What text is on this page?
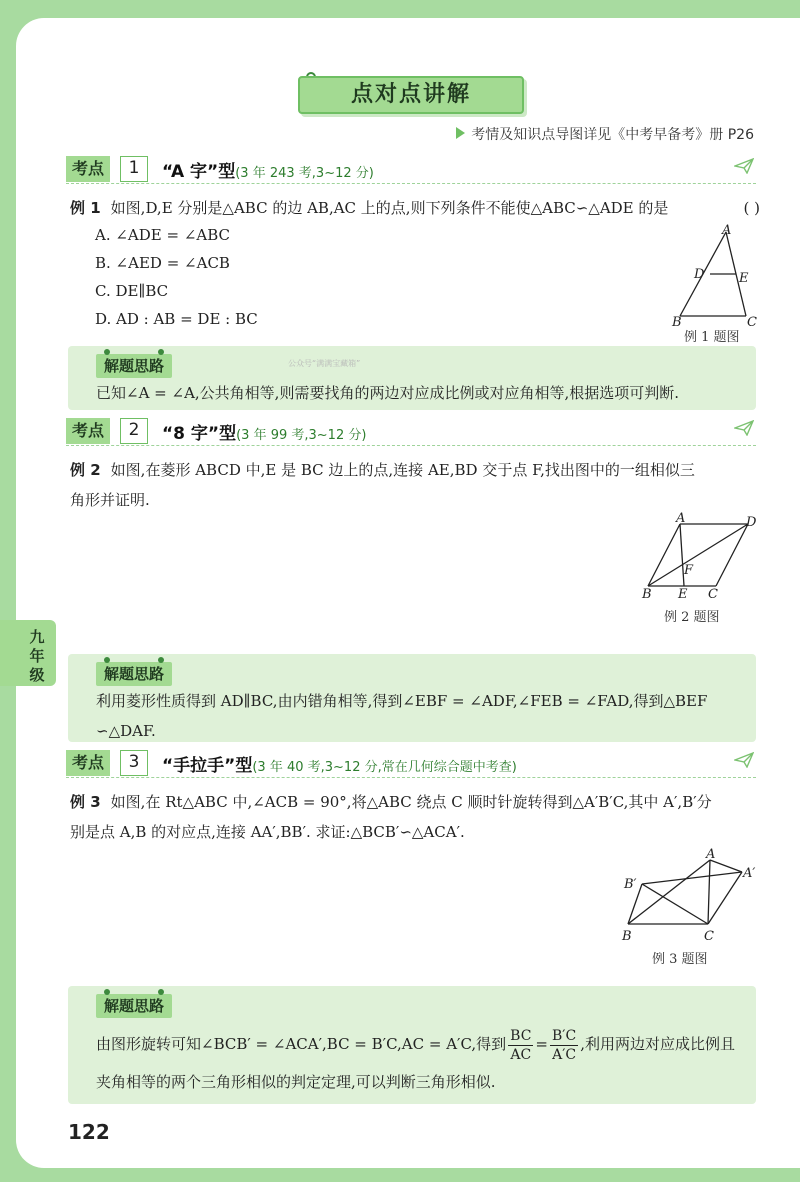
点对点讲解
考情及知识点导图详见《中考早备考》册 P26
考点	1	“A 字”型(3 年 243 考,3~12 分)
例 1 如图,D,E 分别是△ABC 的边 AB,AC 上的点,则下列条件不能使△ABC∽△ADE 的是	( )
A. ∠ADE = ∠ABC
B. ∠AED = ∠ACB
C. DE∥BC
D. AD : AB = DE : BC
A
D	E
B	C
例 1 题图
解题思路
已知∠A = ∠A,公共角相等,则需要找角的两边对应成比例或对应角相等,根据选项可判断.
公众号“满满宝藏箱”
考点	2	“8 字”型(3 年 99 考,3~12 分)
例 2 如图,在菱形 ABCD 中,E 是 BC 边上的点,连接 AE,BD 交于点 F,找出图中的一组相似三
角形并证明.
A	D
F
B E C
例 2 题图
九
年
级	解题思路
利用菱形性质得到 AD∥BC,由内错角相等,得到∠EBF = ∠ADF,∠FEB = ∠FAD,得到△BEF
∽△DAF.
考点	3	“手拉手”型(3 年 40 考,3~12 分,常在几何综合题中考查)
例 3 如图,在 Rt△ABC 中,∠ACB = 90°,将△ABC 绕点 C 顺时针旋转得到△A′B′C,其中 A′,B′分
别是点 A,B 的对应点,连接 AA′,BB′. 求证:△BCB′∽△ACA′.
A
A′
B′
B	C
例 3 题图
解题思路
由图形旋转可知∠BCB′ = ∠ACA′,BC = B′C,AC = A′C,得到 $\frac{BC}{AC} = \frac{B'C}{A'C}$ ,利用两边对应成比例且
夹角相等的两个三角形相似的判定定理,可以判断三角形相似.
122
